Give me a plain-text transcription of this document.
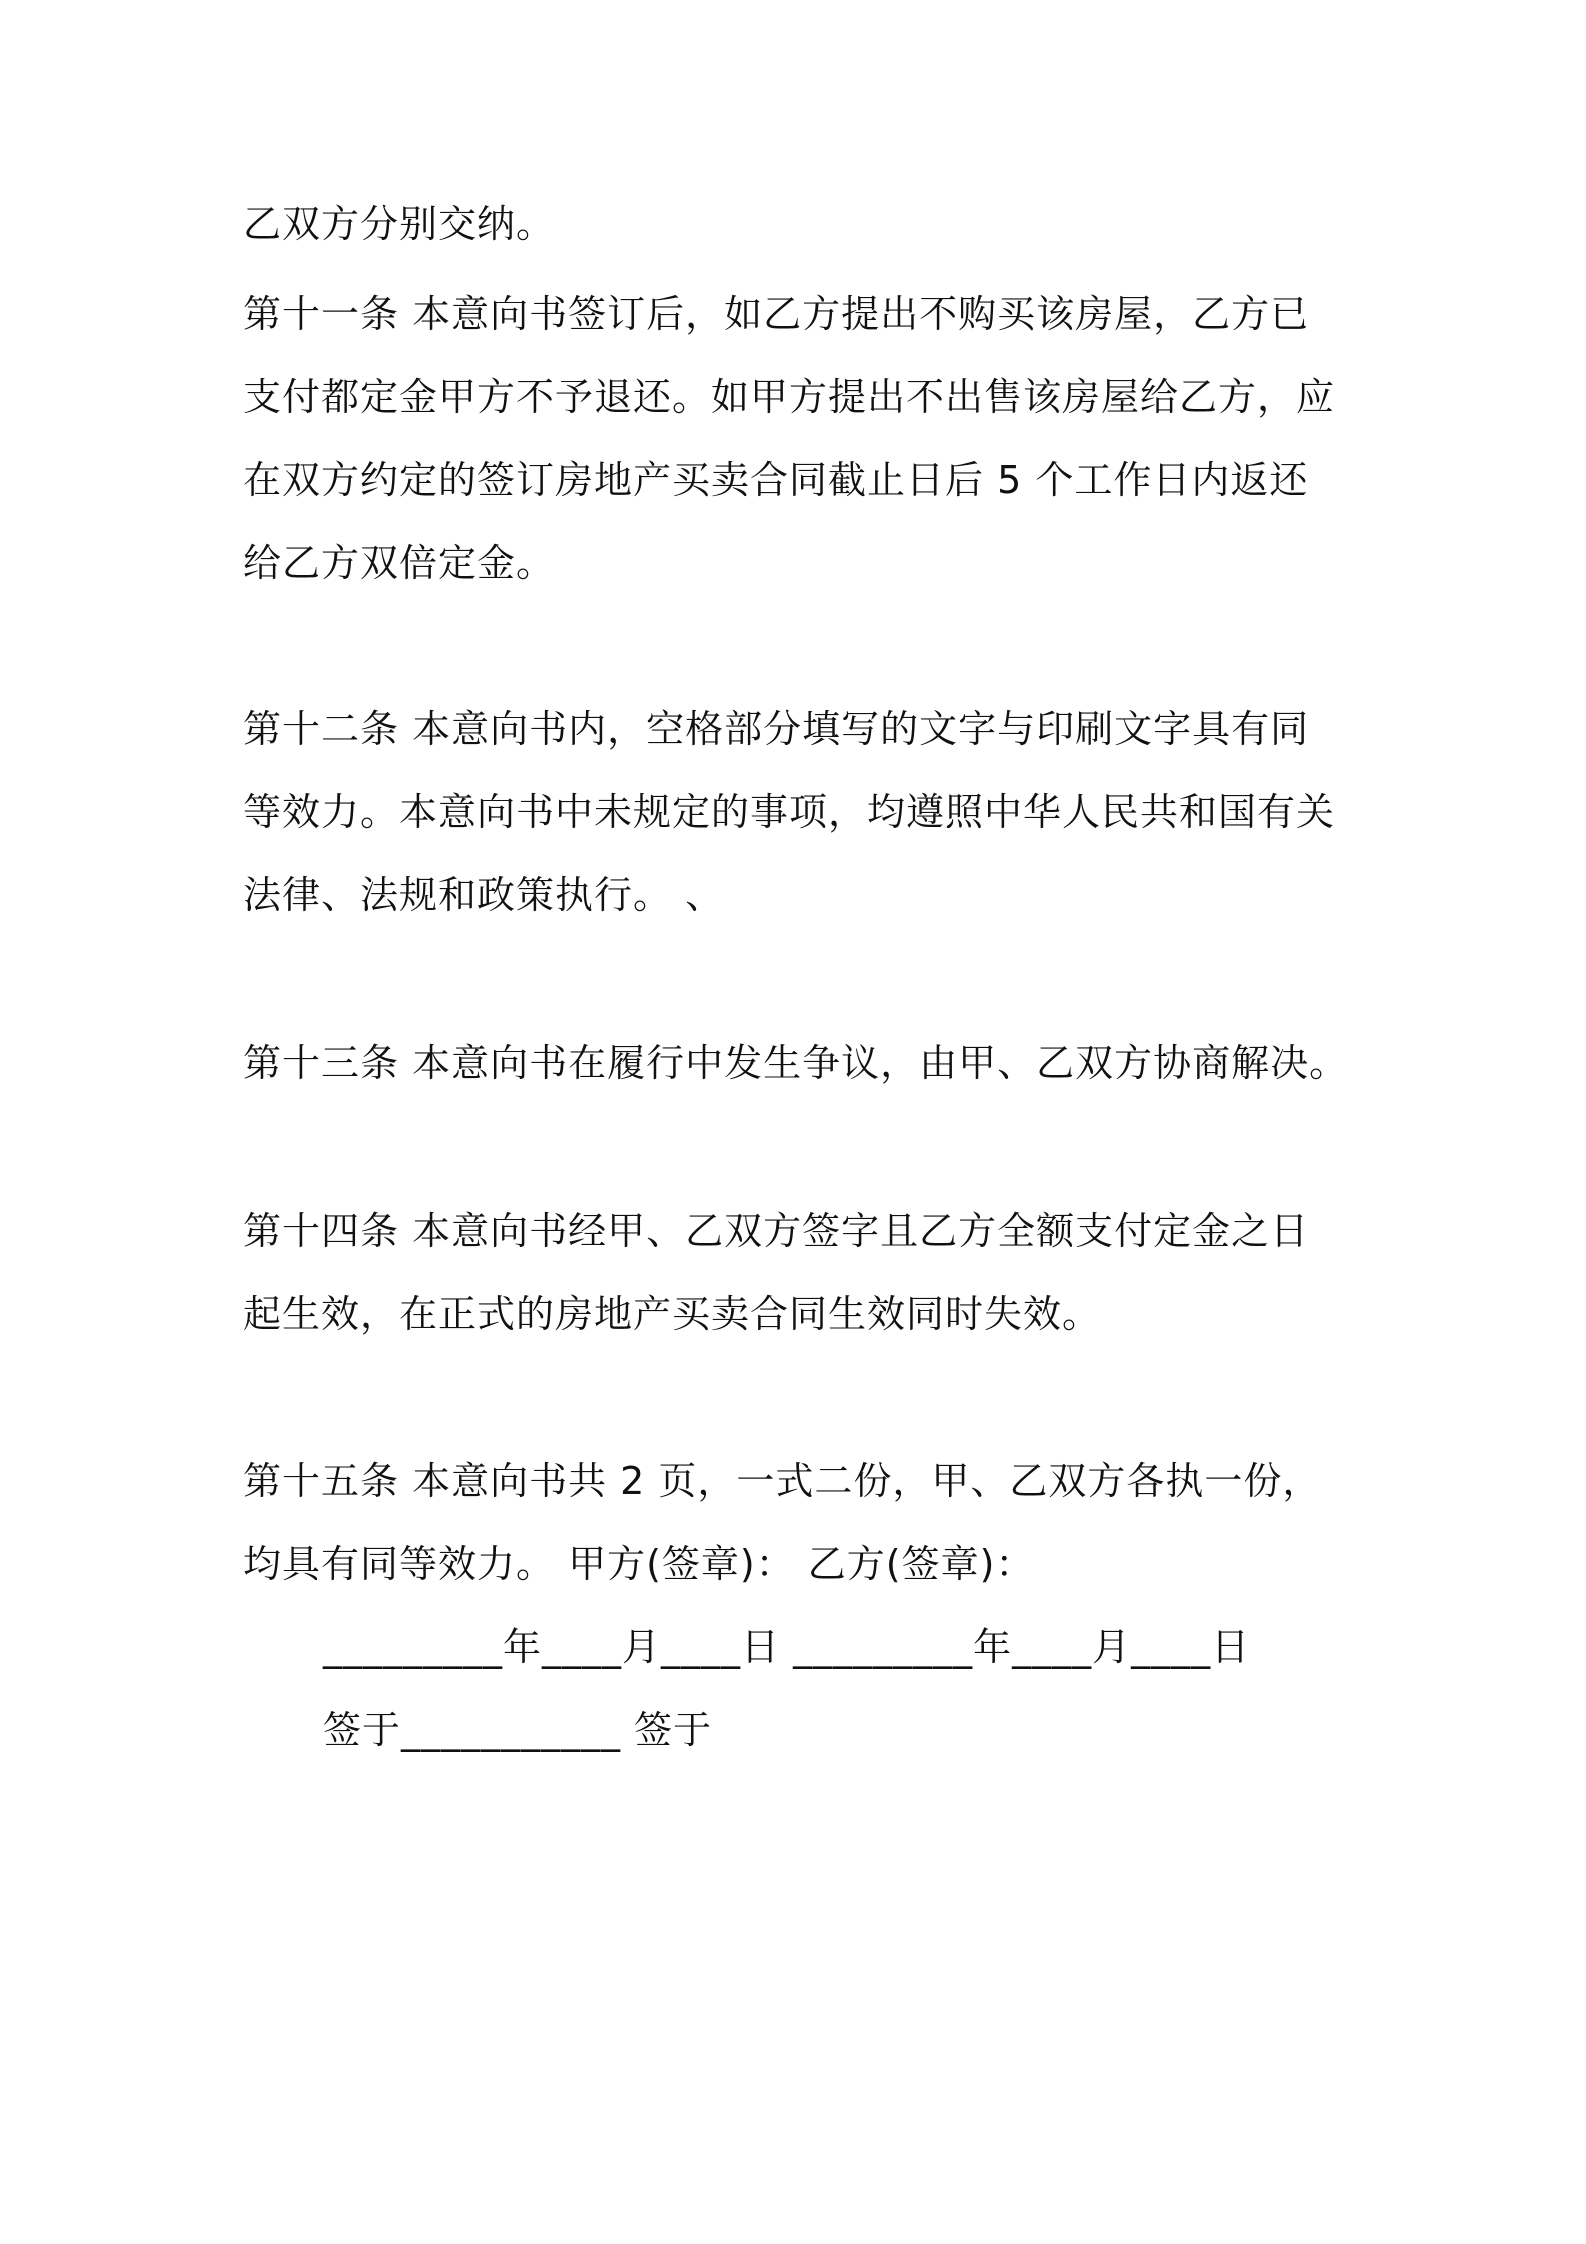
乙双方分别交纳。
第十一条 本意向书签订后，如乙方提出不购买该房屋，乙方已
支付都定金甲方不予退还。如甲方提出不出售该房屋给乙方，应
在双方约定的签订房地产买卖合同截止日后 5 个工作日内返还
给乙方双倍定金。
第十二条 本意向书内，空格部分填写的文字与印刷文字具有同
等效力。本意向书中未规定的事项，均遵照中华人民共和国有关
法律、法规和政策执行。 、
第十三条 本意向书在履行中发生争议，由甲、乙双方协商解决。
第十四条 本意向书经甲、乙双方签字且乙方全额支付定金之日
起生效，在正式的房地产买卖合同生效同时失效。
第十五条 本意向书共 2 页，一式二份，甲、乙双方各执一份，
均具有同等效力。 甲方(签章)： 乙方(签章)：
_________年____月____日 _________年____月____日
签于___________ 签于
